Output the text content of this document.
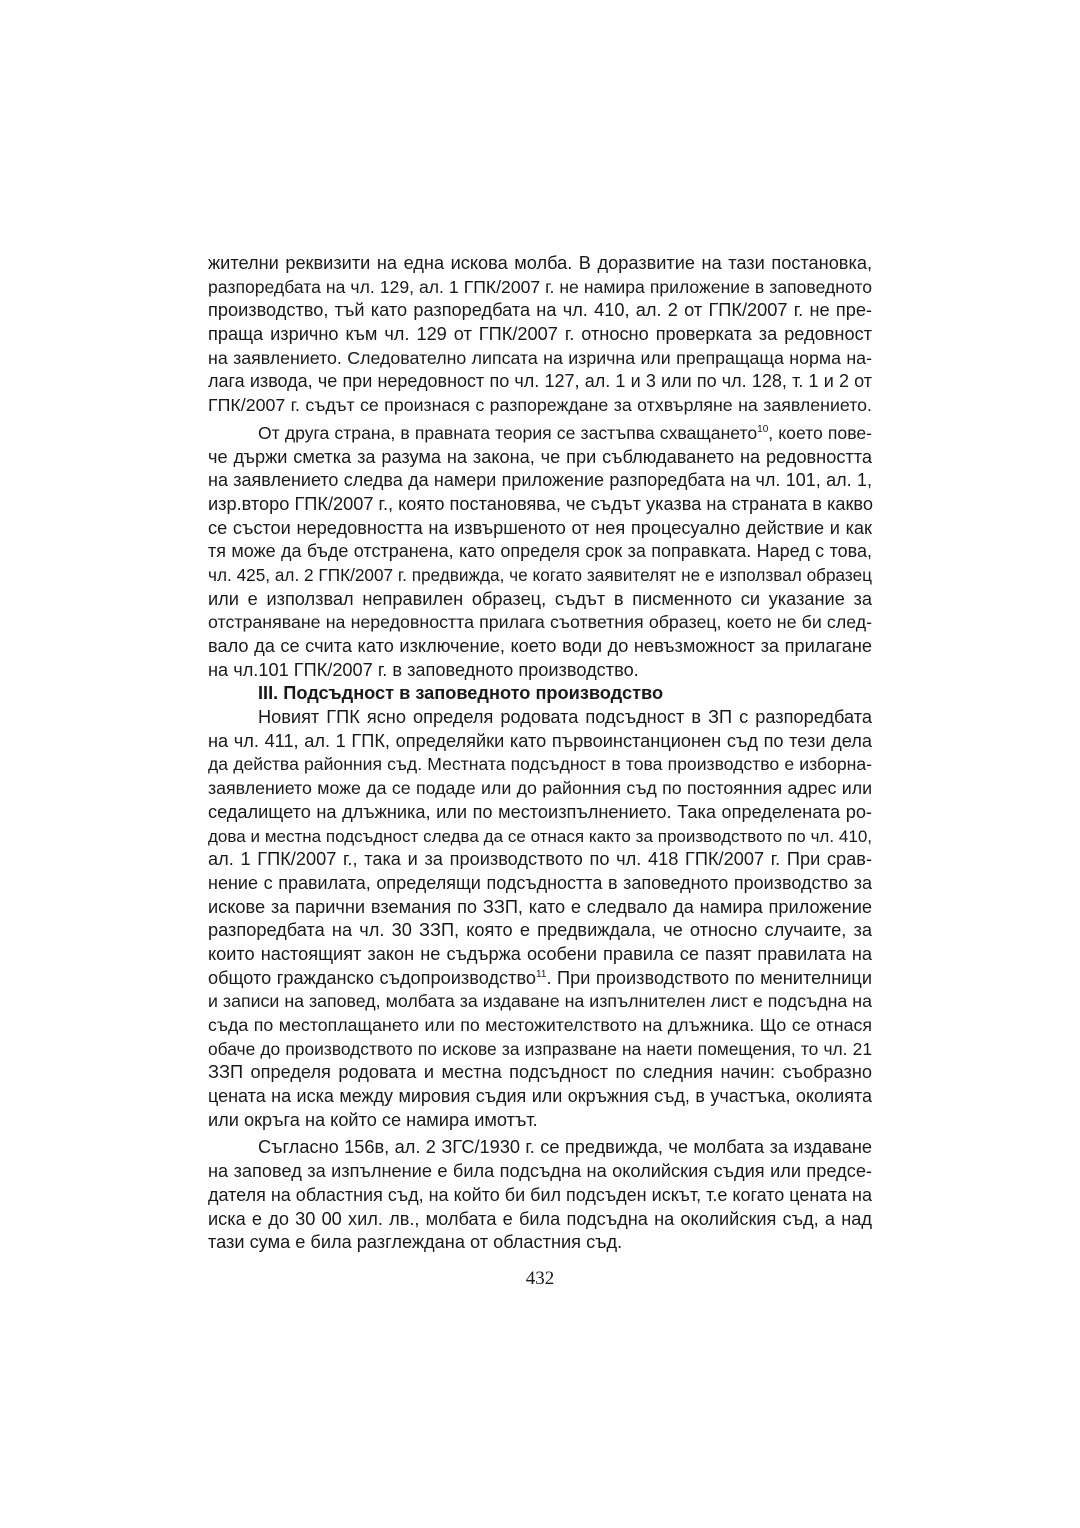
жителни реквизити на една искова молба. В доразвитие на тази постановка,
разпоредбата на чл. 129, ал. 1 ГПК/2007 г. не намира приложение в заповедното
производство, тъй като разпоредбата на чл. 410, ал. 2 от ГПК/2007 г. не пре-
праща изрично към чл. 129 от ГПК/2007 г. относно проверката за редовност
на заявлението. Следователно липсата на изрична или препращаща норма на-
лага извода, че при нередовност по чл. 127, ал. 1 и 3 или по чл. 128, т. 1 и 2 от
ГПК/2007 г. съдът се произнася с разпореждане за отхвърляне на заявлението.
От друга страна, в правната теория се застъпва схващането$^{10}$, което пове-
че държи сметка за разума на закона, че при съблюдаването на редовността
на заявлението следва да намери приложение разпоредбата на чл. 101, ал. 1,
изр.второ ГПК/2007 г., която постановява, че съдът указва на страната в какво
се състои нередовността на извършеното от нея процесуално действие и как
тя може да бъде отстранена, като определя срок за поправката. Наред с това,
чл. 425, ал. 2 ГПК/2007 г. предвижда, че когато заявителят не е използвал образец
или е използвал неправилен образец, съдът в писменното си указание за
отстраняване на нередовността прилага съответния образец, което не би след-
вало да се счита като изключение, което води до невъзможност за прилагане
на чл.101 ГПК/2007 г. в заповедното производство.
III. Подсъдност в заповедното производство
Новият ГПК ясно определя родовата подсъдност в ЗП с разпоредбата
на чл. 411, ал. 1 ГПК, определяйки като първоинстанционен съд по тези дела
да действа районния съд. Местната подсъдност в това производство е изборна-
заявлението може да се подаде или до районния съд по постоянния адрес или
седалището на длъжника, или по местоизпълнението. Така определената ро-
дова и местна подсъдност следва да се отнася както за производството по чл. 410,
ал. 1 ГПК/2007 г., така и за производството по чл. 418 ГПК/2007 г. При срав-
нение с правилата, определящи подсъдността в заповедното производство за
искове за парични вземания по ЗЗП, като е следвало да намира приложение
разпоредбата на чл. 30 ЗЗП, която е предвиждала, че относно случаите, за
които настоящият закон не съдържа особени правила се пазят правилата на
общото гражданско съдопроизводство$^{11}$. При производството по менителници
и записи на заповед, молбата за издаване на изпълнителен лист е подсъдна на
съда по местоплащането или по местожителството на длъжника. Що се отнася
обаче до производството по искове за изпразване на наети помещения, то чл. 21
ЗЗП определя родовата и местна подсъдност по следния начин: съобразно
цената на иска между мировия съдия или окръжния съд, в участъка, околията
или окръга на който се намира имотът.
Съгласно 156в, ал. 2 ЗГС/1930 г. се предвижда, че молбата за издаване
на заповед за изпълнение е била подсъдна на околийския съдия или предсе-
дателя на областния съд, на който би бил подсъден искът, т.е когато цената на
иска е до 30 00 хил. лв., молбата е била подсъдна на околийския съд, а над
тази сума е била разглеждана от областния съд.
432
